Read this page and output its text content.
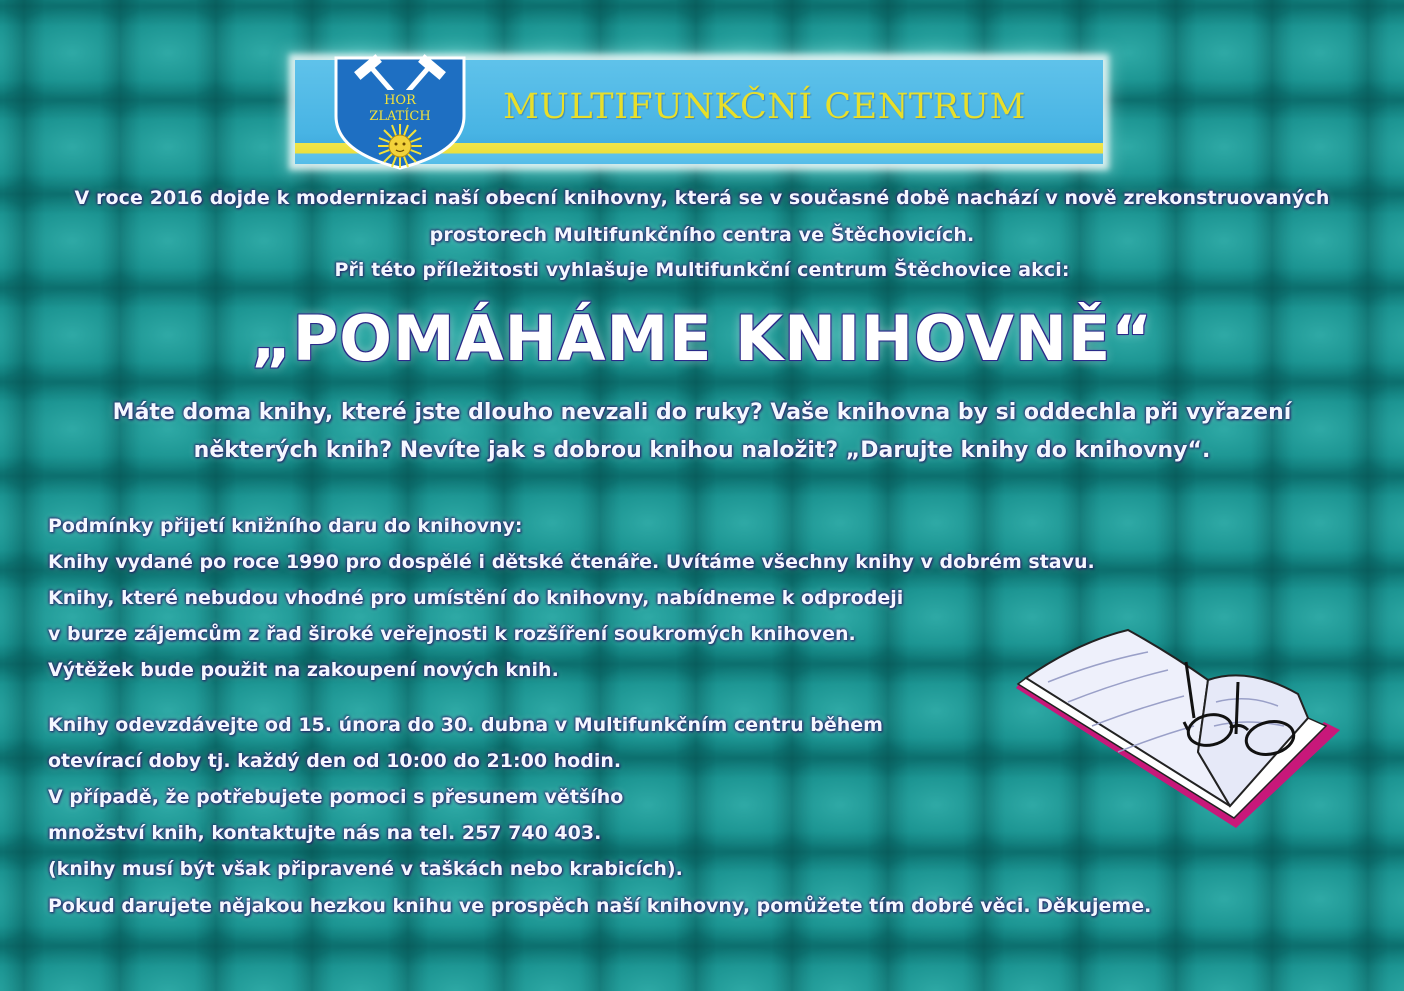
HOR
ZLATÍCH MULTIFUNKČNÍ CENTRUM
V roce 2016 dojde k modernizaci naší obecní knihovny, která se v současné době nachází v nově zrekonstruovaných
prostorech Multifunkčního centra ve Štěchovicích.
Při této příležitosti vyhlašuje Multifunkční centrum Štěchovice akci:
„POMÁHÁME KNIHOVNĚ“
Máte doma knihy, které jste dlouho nevzali do ruky? Vaše knihovna by si oddechla při vyřazení
některých knih? Nevíte jak s dobrou knihou naložit? „Darujte knihy do knihovny“.
Podmínky přijetí knižního daru do knihovny:
Knihy vydané po roce 1990 pro dospělé i dětské čtenáře. Uvítáme všechny knihy v dobrém stavu.
Knihy, které nebudou vhodné pro umístění do knihovny, nabídneme k odprodeji
v burze zájemcům z řad široké veřejnosti k rozšíření soukromých knihoven.
Výtěžek bude použit na zakoupení nových knih.
Knihy odevzdávejte od 15. února do 30. dubna v Multifunkčním centru během
otevírací doby tj. každý den od 10:00 do 21:00 hodin.
V případě, že potřebujete pomoci s přesunem většího
množství knih, kontaktujte nás na tel. 257 740 403.
(knihy musí být však připravené v taškách nebo krabicích).
Pokud darujete nějakou hezkou knihu ve prospěch naší knihovny, pomůžete tím dobré věci. Děkujeme.
